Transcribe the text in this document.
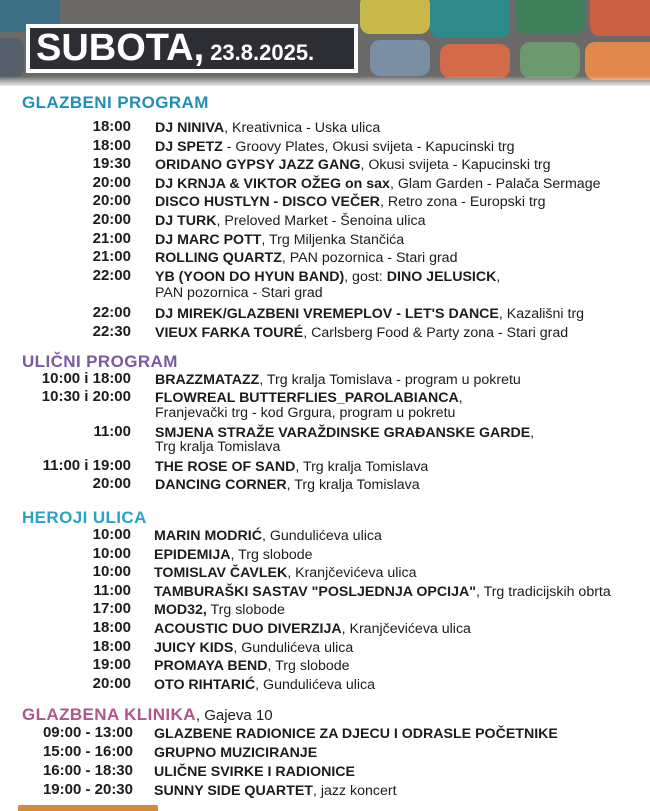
SUBOTA, 23.8.2025.
GLAZBENI PROGRAM
ULIČNI PROGRAM
HEROJI ULICA
GLAZBENA KLINIKA, Gajeva 10
18:00 DJ NINIVA, Kreativnica - Uska ulica
18:00 DJ SPETZ - Groovy Plates, Okusi svijeta - Kapucinski trg
19:30 ORIDANO GYPSY JAZZ GANG, Okusi svijeta - Kapucinski trg
20:00 DJ KRNJA & VIKTOR OŽEG on sax, Glam Garden - Palača Sermage
20:00 DISCO HUSTLYN - DISCO VEČER, Retro zona - Europski trg
20:00 DJ TURK, Preloved Market - Šenoina ulica
21:00 DJ MARC POTT, Trg Miljenka Stančića
21:00 ROLLING QUARTZ, PAN pozornica - Stari grad
22:00 YB (YOON DO HYUN BAND), gost: DINO JELUSICK,
PAN pozornica - Stari grad
22:00 DJ MIREK/GLAZBENI VREMEPLOV - LET'S DANCE, Kazališni trg
22:30 VIEUX FARKA TOURÉ, Carlsberg Food & Party zona - Stari grad
10:00 i 18:00 BRAZZMATAZZ, Trg kralja Tomislava - program u pokretu
10:30 i 20:00 FLOWREAL BUTTERFLIES_PAROLABIANCA,
Franjevački trg - kod Grgura, program u pokretu
11:00 SMJENA STRAŽE VARAŽDINSKE GRAĐANSKE GARDE,
Trg kralja Tomislava
11:00 i 19:00 THE ROSE OF SAND, Trg kralja Tomislava
20:00 DANCING CORNER, Trg kralja Tomislava
10:00 MARIN MODRIĆ, Gundulićeva ulica
10:00 EPIDEMIJA, Trg slobode
10:00 TOMISLAV ČAVLEK, Kranjčevićeva ulica
11:00 TAMBURAŠKI SASTAV "POSLJEDNJA OPCIJA", Trg tradicijskih obrta
17:00 MOD32, Trg slobode
18:00 ACOUSTIC DUO DIVERZIJA, Kranjčevićeva ulica
18:00 JUICY KIDS, Gundulićeva ulica
19:00 PROMAYA BEND, Trg slobode
20:00 OTO RIHTARIĆ, Gundulićeva ulica
09:00 - 13:00 GLAZBENE RADIONICE ZA DJECU I ODRASLE POČETNIKE
15:00 - 16:00 GRUPNO MUZICIRANJE
16:00 - 18:30 ULIČNE SVIRKE I RADIONICE
19:00 - 20:30 SUNNY SIDE QUARTET, jazz koncert
